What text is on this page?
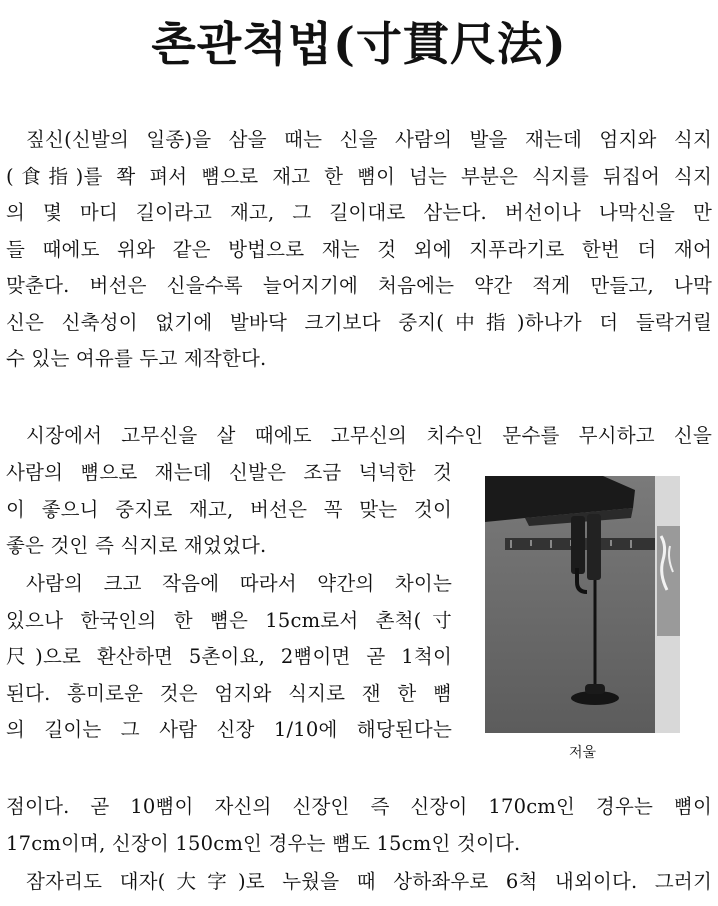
촌관척법(寸貫尺法)
짚신(신발의 일종)을 삼을 때는 신을 사람의 발을 재는데 엄지와 식지
(食指)를 쫙 펴서 뼘으로 재고 한 뼘이 넘는 부분은 식지를 뒤집어 식지
의 몇 마디 길이라고 재고, 그 길이대로 삼는다. 버선이나 나막신을 만
들 때에도 위와 같은 방법으로 재는 것 외에 지푸라기로 한번 더 재어
맞춘다. 버선은 신을수록 늘어지기에 처음에는 약간 적게 만들고, 나막
신은 신축성이 없기에 발바닥 크기보다 중지(中指)하나가 더 들락거릴
수 있는 여유를 두고 제작한다.
시장에서 고무신을 살 때에도 고무신의 치수인 문수를 무시하고 신을
사람의 뼘으로 재는데 신발은 조금 넉넉한 것
이 좋으니 중지로 재고, 버선은 꼭 맞는 것이
좋은 것인 즉 식지로 재었었다.
사람의 크고 작음에 따라서 약간의 차이는
있으나 한국인의 한 뼘은 15cm로서 촌척(寸
尺)으로 환산하면 5촌이요, 2뼘이면 곧 1척이
된다. 흥미로운 것은 엄지와 식지로 잰 한 뼘
의 길이는 그 사람 신장 1/10에 해당된다는
점이다. 곧 10뼘이 자신의 신장인 즉 신장이 170cm인 경우는 뼘이
17cm이며, 신장이 150cm인 경우는 뼘도 15cm인 것이다.
잠자리도 대자(大字)로 누웠을 때 상하좌우로 6척 내외이다. 그러기
저울
